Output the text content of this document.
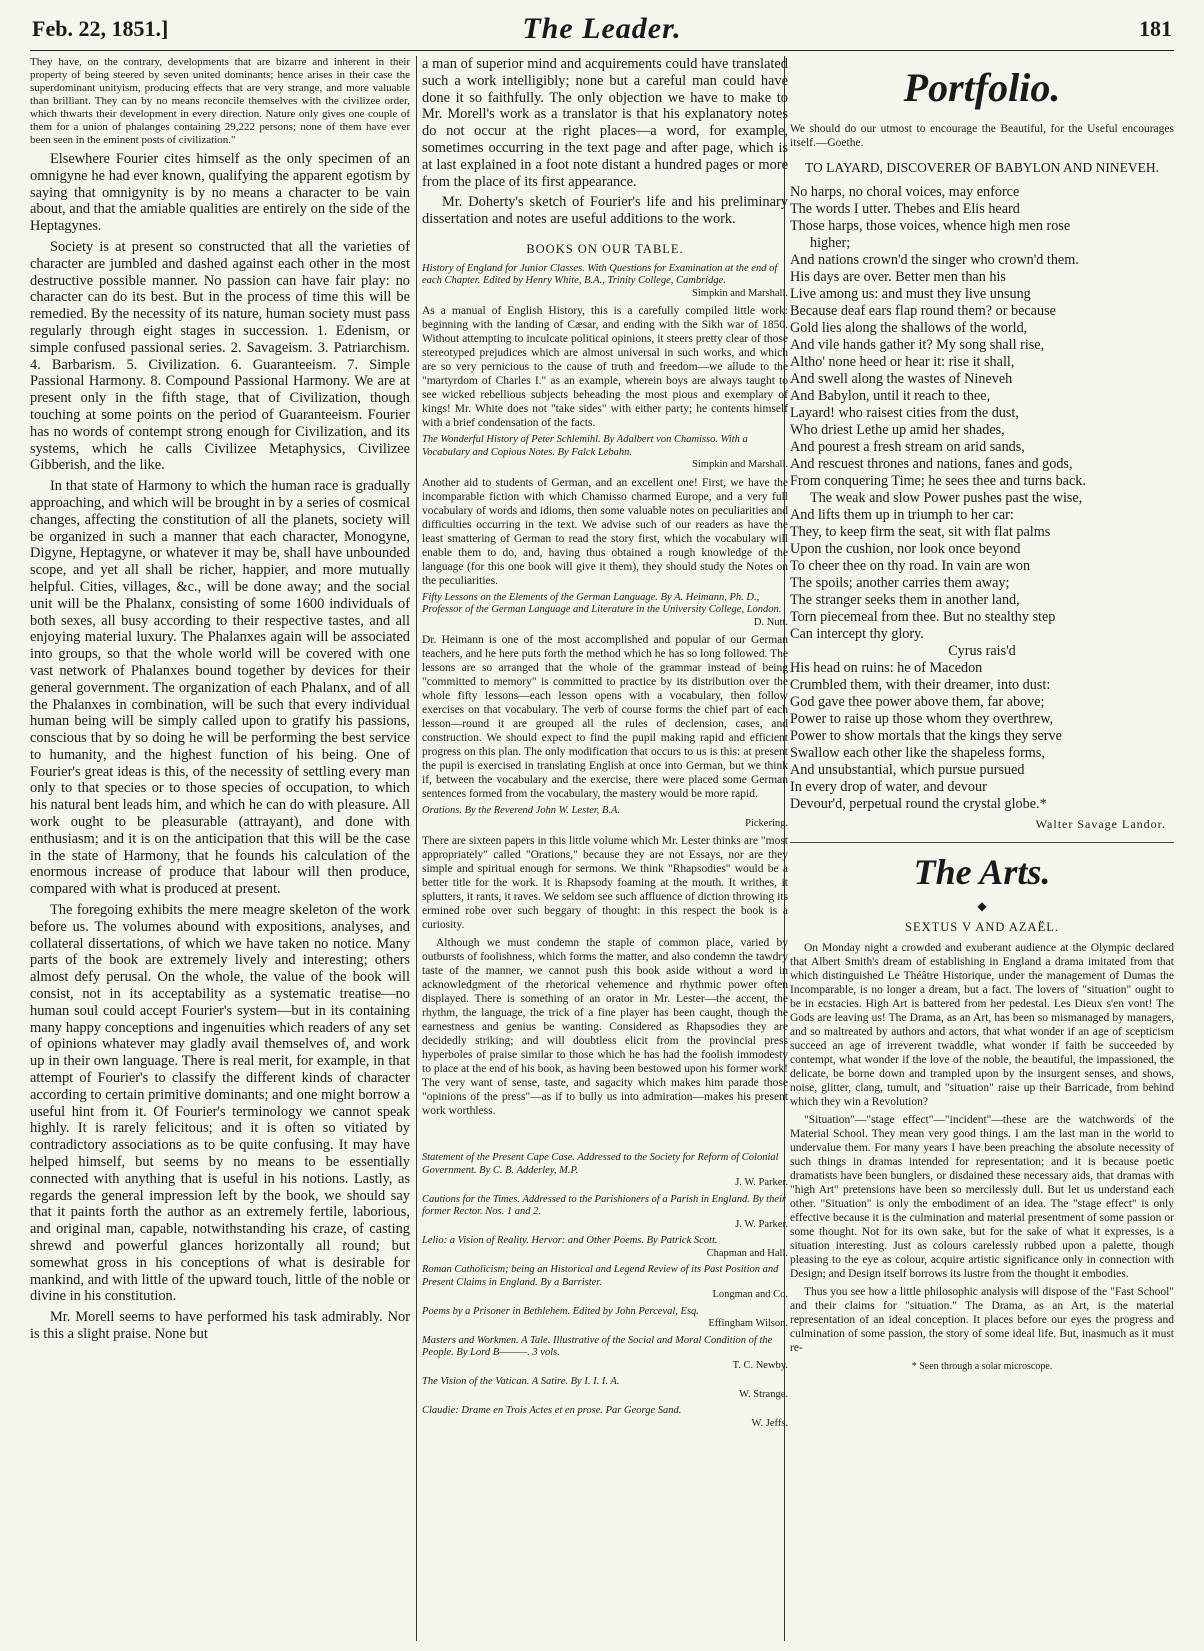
Feb. 22, 1851.]	The Leader.	181

They have, on the contrary, developments that are bizarre and inherent in their property of being steered by seven united dominants; hence arises in their case the superdominant unityism, producing effects that are very strange, and more valuable than brilliant. They can by no means reconcile themselves with the civilizee order, which thwarts their development in every direction. Nature only gives one couple of them for a union of phalanges containing 29,222 persons; none of them have ever been seen in the eminent posts of civilization."

Elsewhere Fourier cites himself as the only specimen of an omnigyne he had ever known, qualifying the apparent egotism by saying that omnigynity is by no means a character to be vain about, and that the amiable qualities are entirely on the side of the Heptagynes.

Society is at present so constructed that all the varieties of character are jumbled and dashed against each other in the most destructive possible manner. No passion can have fair play: no character can do its best. But in the process of time this will be remedied. By the necessity of its nature, human society must pass regularly through eight stages in succession. 1. Edenism, or simple confused passional series. 2. Savageism. 3. Patriarchism. 4. Barbarism. 5. Civilization. 6. Guaranteeism. 7. Simple Passional Harmony. 8. Compound Passional Harmony. We are at present only in the fifth stage, that of Civilization, though touching at some points on the period of Guaranteeism. Fourier has no words of contempt strong enough for Civilization, and its systems, which he calls Civilizee Metaphysics, Civilizee Gibberish, and the like.

In that state of Harmony to which the human race is gradually approaching, and which will be brought in by a series of cosmical changes, affecting the constitution of all the planets, society will be organized in such a manner that each character, Monogyne, Digyne, Heptagyne, or whatever it may be, shall have unbounded scope, and yet all shall be richer, happier, and more mutually helpful. Cities, villages, &c., will be done away; and the social unit will be the Phalanx, consisting of some 1600 individuals of both sexes, all busy according to their respective tastes, and all enjoying material luxury. The Phalanxes again will be associated into groups, so that the whole world will be covered with one vast network of Phalanxes bound together by devices for their general government. The organization of each Phalanx, and of all the Phalanxes in combination, will be such that every individual human being will be simply called upon to gratify his passions, conscious that by so doing he will be performing the best service to humanity, and the highest function of his being. One of Fourier's great ideas is this, of the necessity of settling every man only to that species or to those species of occupation, to which his natural bent leads him, and which he can do with pleasure. All work ought to be pleasurable (attrayant), and done with enthusiasm; and it is on the anticipation that this will be the case in the state of Harmony, that he founds his calculation of the enormous increase of produce that labour will then produce, compared with what is produced at present.

The foregoing exhibits the mere meagre skeleton of the work before us. The volumes abound with expositions, analyses, and collateral dissertations, of which we have taken no notice. Many parts of the book are extremely lively and interesting; others almost defy perusal. On the whole, the value of the book will consist, not in its acceptability as a systematic treatise—no human soul could accept Fourier's system—but in its containing many happy conceptions and ingenuities which readers of any set of opinions whatever may gladly avail themselves of, and work up in their own language. There is real merit, for example, in that attempt of Fourier's to classify the different kinds of character according to certain primitive dominants; and one might borrow a useful hint from it. Of Fourier's terminology we cannot speak highly. It is rarely felicitous; and it is often so vitiated by contradictory associations as to be quite confusing. It may have helped himself, but seems by no means to be essentially connected with anything that is useful in his notions. Lastly, as regards the general impression left by the book, we should say that it paints forth the author as an extremely fertile, laborious, and original man, capable, notwithstanding his craze, of casting shrewd and powerful glances horizontally all round; but somewhat gross in his conceptions of what is desirable for mankind, and with little of the upward touch, little of the noble or divine in his constitution.

Mr. Morell seems to have performed his task admirably. Nor is this a slight praise. None but

a man of superior mind and acquirements could have translated such a work intelligibly; none but a careful man could have done it so faithfully. The only objection we have to make to Mr. Morell's work as a translator is that his explanatory notes do not occur at the right places—a word, for example, sometimes occurring in the text page and after page, which is at last explained in a foot note distant a hundred pages or more from the place of its first appearance.

Mr. Doherty's sketch of Fourier's life and his preliminary dissertation and notes are useful additions to the work.

BOOKS ON OUR TABLE.
History of England for Junior Classes. With Questions for Examination at the end of each Chapter. Edited by Henry White, B.A., Trinity College, Cambridge.
Simpkin and Marshall.

As a manual of English History, this is a carefully compiled little work: beginning with the landing of Cæsar, and ending with the Sikh war of 1850. Without attempting to inculcate political opinions, it steers pretty clear of those stereotyped prejudices which are almost universal in such works, and which are so very pernicious to the cause of truth and freedom—we allude to the "martyrdom of Charles I." as an example, wherein boys are always taught to see wicked rebellious subjects beheading the most pious and exemplary of kings! Mr. White does not "take sides" with either party; he contents himself with a brief condensation of the facts.

The Wonderful History of Peter Schlemihl. By Adalbert von Chamisso. With a Vocabulary and Copious Notes. By Falck Lebahn.
Simpkin and Marshall.

Another aid to students of German, and an excellent one! First, we have the incomparable fiction with which Chamisso charmed Europe, and a very full vocabulary of words and idioms, then some valuable notes on peculiarities and difficulties occurring in the text. We advise such of our readers as have the least smattering of German to read the story first, which the vocabulary will enable them to do, and, having thus obtained a rough knowledge of the language (for this one book will give it them), they should study the Notes on the peculiarities.

Fifty Lessons on the Elements of the German Language. By A. Heimann, Ph. D., Professor of the German Language and Literature in the University College, London.
D. Nutt.

Dr. Heimann is one of the most accomplished and popular of our German teachers, and he here puts forth the method which he has so long followed. The lessons are so arranged that the whole of the grammar instead of being "committed to memory" is committed to practice by its distribution over the whole fifty lessons—each lesson opens with a vocabulary, then follow exercises on that vocabulary. The verb of course forms the chief part of each lesson—round it are grouped all the rules of declension, cases, and construction. We should expect to find the pupil making rapid and efficient progress on this plan. The only modification that occurs to us is this: at present the pupil is exercised in translating English at once into German, but we think if, between the vocabulary and the exercise, there were placed some German sentences formed from the vocabulary, the mastery would be more rapid.

Orations. By the Reverend John W. Lester, B.A.
Pickering.

There are sixteen papers in this little volume which Mr. Lester thinks are "most appropriately" called "Orations," because they are not Essays, nor are they simple and spiritual enough for sermons. We think "Rhapsodies" would be a better title for the work. It is Rhapsody foaming at the mouth. It writhes, it splutters, it rants, it raves. We seldom see such affluence of diction throwing its ermined robe over such beggary of thought: in this respect the book is a curiosity.

Although we must condemn the staple of common place, varied by outbursts of foolishness, which forms the matter, and also condemn the tawdry taste of the manner, we cannot push this book aside without a word in acknowledgment of the rhetorical vehemence and rhythmic power often displayed. There is something of an orator in Mr. Lester—the accent, the rhythm, the language, the trick of a fine player has been caught, though the earnestness and genius be wanting. Considered as Rhapsodies they are decidedly striking; and will doubtless elicit from the provincial press hyperboles of praise similar to those which he has had the foolish immodesty to place at the end of his book, as having been bestowed upon his former work! The very want of sense, taste, and sagacity which makes him parade those "opinions of the press"—as if to bully us into admiration—makes his present work worthless.

Statement of the Present Cape Case. Addressed to the Society for Reform of Colonial Government. By C. B. Adderley, M.P.
J. W. Parker.
Cautions for the Times. Addressed to the Parishioners of a Parish in England. By their former Rector. Nos. 1 and 2.
J. W. Parker.
Lelio: a Vision of Reality. Hervor: and Other Poems. By Patrick Scott.
Chapman and Hall.
Roman Catholicism; being an Historical and Legend Review of its Past Position and Present Claims in England. By a Barrister.
Longman and Co.
Poems by a Prisoner in Bethlehem. Edited by John Perceval, Esq.
Effingham Wilson.
Masters and Workmen. A Tale. Illustrative of the Social and Moral Condition of the People. By Lord B———. 3 vols.
T. C. Newby.
The Vision of the Vatican. A Satire. By I. I. I. A.
W. Strange.
Claudie: Drame en Trois Actes et en prose. Par George Sand.
W. Jeffs.
Portfolio.

We should do our utmost to encourage the Beautiful, for the Useful encourages itself.—Goethe.

TO LAYARD, DISCOVERER OF BABYLON AND NINEVEH.
No harps, no choral voices, may enforce
The words I utter. Thebes and Elis heard
Those harps, those voices, whence high men rose
higher;
And nations crown'd the singer who crown'd them.
His days are over. Better men than his
Live among us: and must they live unsung
Because deaf ears flap round them? or because
Gold lies along the shallows of the world,
And vile hands gather it? My song shall rise,
Altho' none heed or hear it: rise it shall,
And swell along the wastes of Nineveh
And Babylon, until it reach to thee,
Layard! who raisest cities from the dust,
Who driest Lethe up amid her shades,
And pourest a fresh stream on arid sands,
And rescuest thrones and nations, fanes and gods,
From conquering Time; he sees thee and turns back.
The weak and slow Power pushes past the wise,
And lifts them up in triumph to her car:
They, to keep firm the seat, sit with flat palms
Upon the cushion, nor look once beyond
To cheer thee on thy road. In vain are won
The spoils; another carries them away;
The stranger seeks them in another land,
Torn piecemeal from thee. But no stealthy step
Can intercept thy glory.
Cyrus rais'd
His head on ruins: he of Macedon
Crumbled them, with their dreamer, into dust:
God gave thee power above them, far above;
Power to raise up those whom they overthrew,
Power to show mortals that the kings they serve
Swallow each other like the shapeless forms,
And unsubstantial, which pursue pursued
In every drop of water, and devour
Devour'd, perpetual round the crystal globe.*
Walter Savage Landor.
The Arts.
◆
SEXTUS V AND AZAËL.

On Monday night a crowded and exuberant audience at the Olympic declared that Albert Smith's dream of establishing in England a drama imitated from that which distinguished Le Théâtre Historique, under the management of Dumas the Incomparable, is no longer a dream, but a fact. The lovers of "situation" ought to be in ecstacies. High Art is battered from her pedestal. Les Dieux s'en vont! The Gods are leaving us! The Drama, as an Art, has been so mismanaged by managers, and so maltreated by authors and actors, that what wonder if an age of scepticism succeed an age of irreverent twaddle, what wonder if faith be succeeded by contempt, what wonder if the love of the noble, the beautiful, the impassioned, the delicate, be borne down and trampled upon by the insurgent senses, and shows, noise, glitter, clang, tumult, and "situation" raise up their Barricade, from behind which they win a Revolution?

"Situation"—"stage effect"—"incident"—these are the watchwords of the Material School. They mean very good things. I am the last man in the world to undervalue them. For many years I have been preaching the absolute necessity of such things in dramas intended for representation; and it is because poetic dramatists have been bunglers, or disdained these necessary aids, that dramas with "high Art" pretensions have been so mercilessly dull. But let us understand each other. "Situation" is only the embodiment of an idea. The "stage effect" is only effective because it is the culmination and material presentment of some passion or some thought. Not for its own sake, but for the sake of what it expresses, is a situation interesting. Just as colours carelessly rubbed upon a palette, though pleasing to the eye as colour, acquire artistic significance only in connection with Design; and Design itself borrows its lustre from the thought it embodies.

Thus you see how a little philosophic analysis will dispose of the "Fast School" and their claims for "situation." The Drama, as an Art, is the material representation of an ideal conception. It places before our eyes the progress and culmination of some passion, the story of some ideal life. But, inasmuch as it must re-

* Seen through a solar microscope.
